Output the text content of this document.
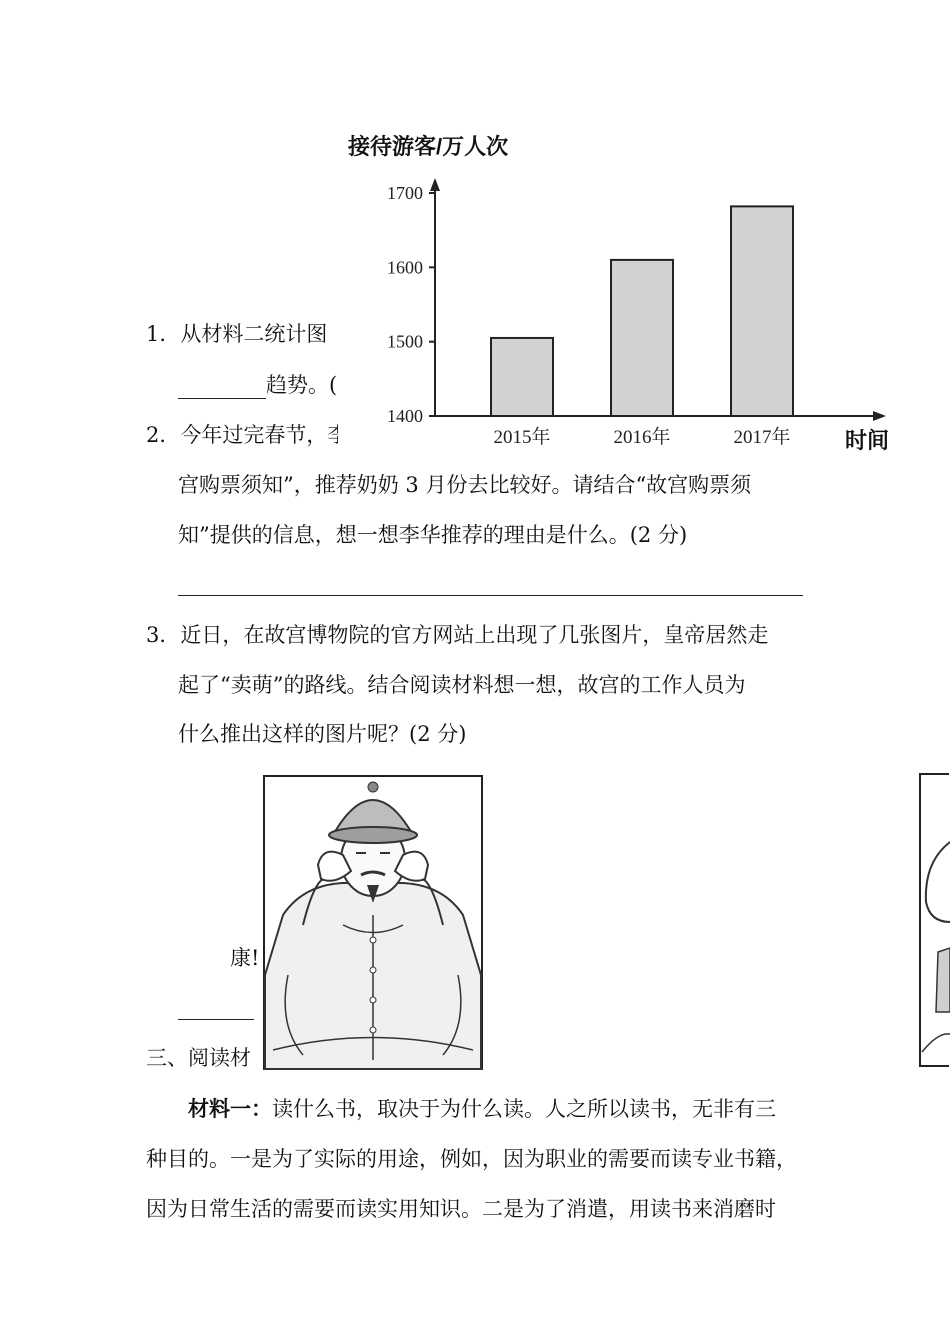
1．从材料二统计图
趋势。(
2．今年过完春节，李
宫购票须知”，推荐奶奶 3 月份去比较好。请结合“故宫购票须
知”提供的信息，想一想李华推荐的理由是什么。(2 分)
3．近日，在故宫博物院的官方网站上出现了几张图片，皇帝居然走
起了“卖萌”的路线。结合阅读材料想一想，故宫的工作人员为
什么推出这样的图片呢？(2 分)
康!
三、阅读材
材料一：读什么书，取决于为什么读。人之所以读书，无非有三
种目的。一是为了实际的用途，例如，因为职业的需要而读专业书籍，
因为日常生活的需要而读实用知识。二是为了消遣，用读书来消磨时
接待游客/万人次
1400
1500
1600
1700
2015年	2016年	2017年 时间
